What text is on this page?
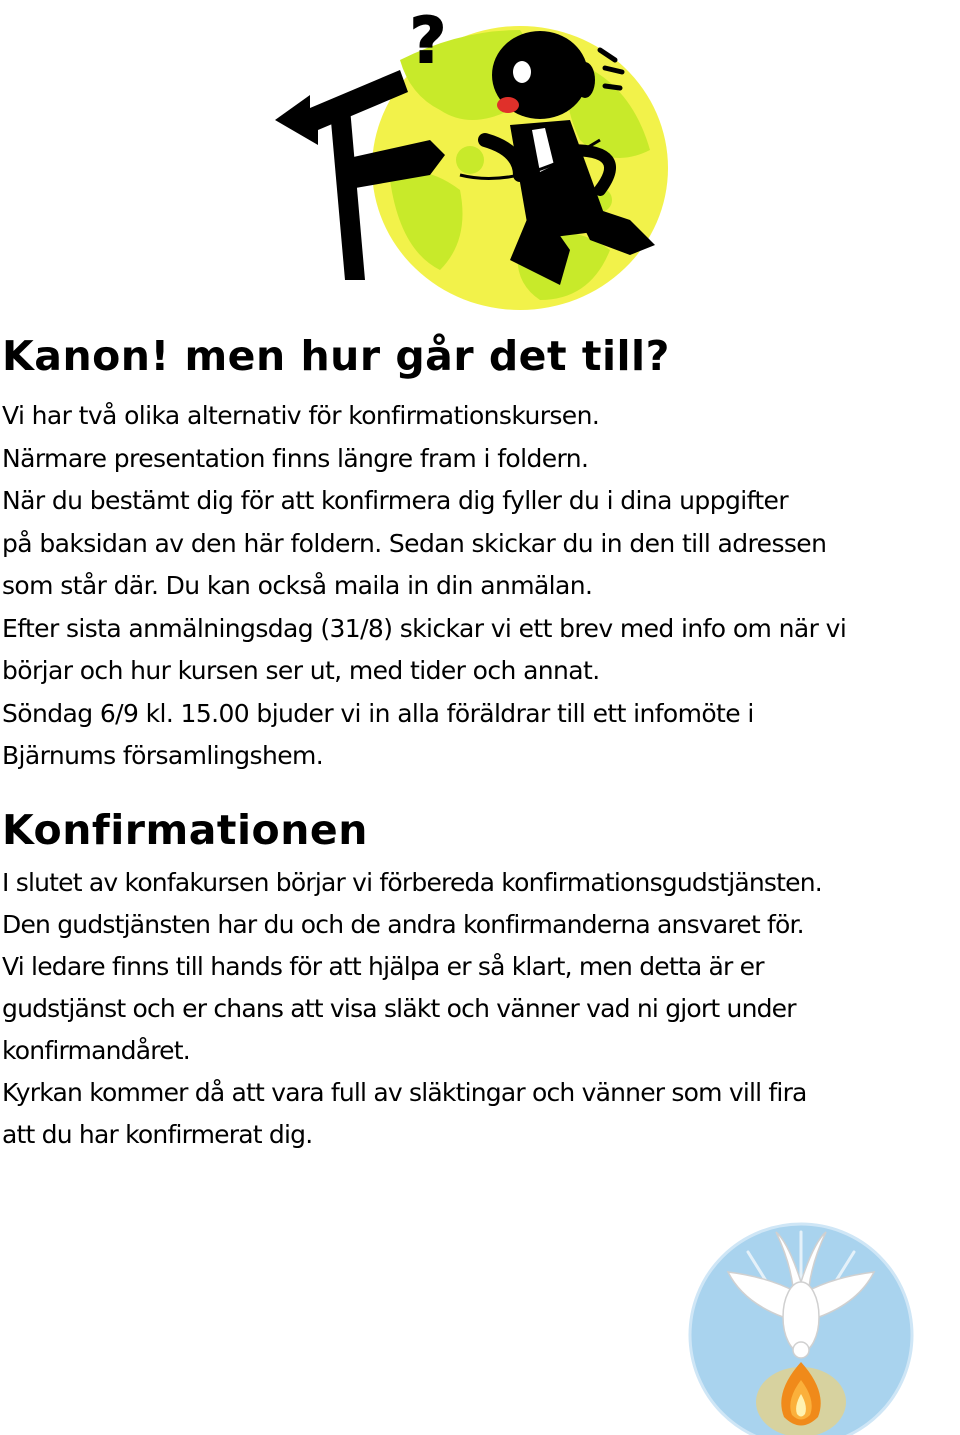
?
Kanon! men hur går det till?

Vi har två olika alternativ för konfirmationskursen.

Närmare presentation finns längre fram i foldern.

När du bestämt dig för att konfirmera dig fyller du i dina uppgifter

på baksidan av den här foldern. Sedan skickar du in den till adressen

som står där. Du kan också maila in din anmälan.

Efter sista anmälningsdag (31/8) skickar vi ett brev med info om när vi

börjar och hur kursen ser ut, med tider och annat.

Söndag 6/9 kl. 15.00 bjuder vi in alla föräldrar till ett infomöte i

Bjärnums församlingshem.

Konfirmationen

I slutet av konfakursen börjar vi förbereda konfirmationsgudstjänsten.

Den gudstjänsten har du och de andra konfirmanderna ansvaret för.

Vi ledare finns till hands för att hjälpa er så klart, men detta är er

gudstjänst och er chans att visa släkt och vänner vad ni gjort under

konfirmandåret.

Kyrkan kommer då att vara full av släktingar och vänner som vill fira

att du har konfirmerat dig.
